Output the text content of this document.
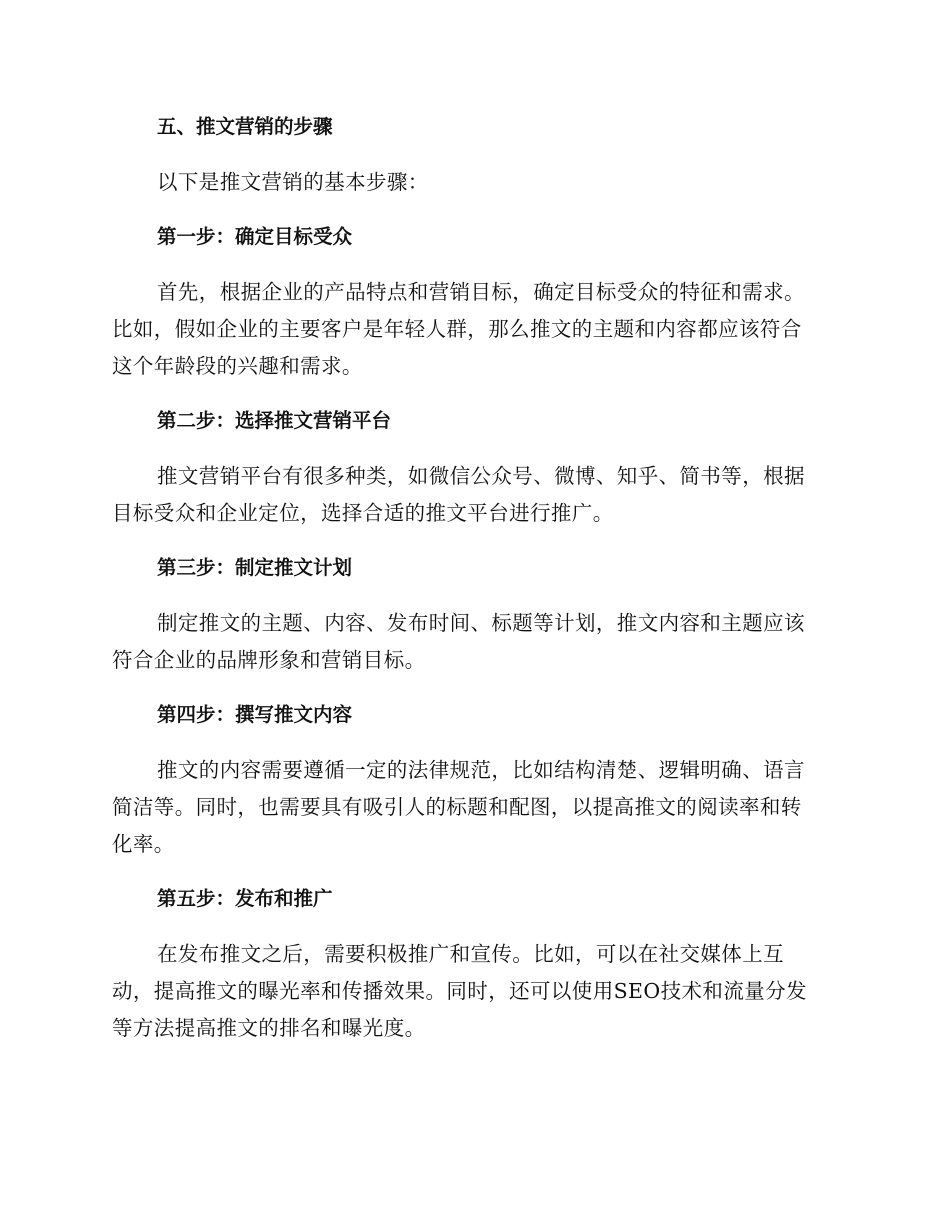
五、推文营销的步骤

以下是推文营销的基本步骤：

第一步：确定目标受众

首先，根据企业的产品特点和营销目标，确定目标受众的特征和需求。
比如，假如企业的主要客户是年轻人群，那么推文的主题和内容都应该符合
这个年龄段的兴趣和需求。

第二步：选择推文营销平台

推文营销平台有很多种类，如微信公众号、微博、知乎、简书等，根据
目标受众和企业定位，选择合适的推文平台进行推广。

第三步：制定推文计划

制定推文的主题、内容、发布时间、标题等计划，推文内容和主题应该
符合企业的品牌形象和营销目标。

第四步：撰写推文内容

推文的内容需要遵循一定的法律规范，比如结构清楚、逻辑明确、语言
简洁等。同时，也需要具有吸引人的标题和配图，以提高推文的阅读率和转
化率。

第五步：发布和推广

在发布推文之后，需要积极推广和宣传。比如，可以在社交媒体上互
动，提高推文的曝光率和传播效果。同时，还可以使用SEO技术和流量分发
等方法提高推文的排名和曝光度。
